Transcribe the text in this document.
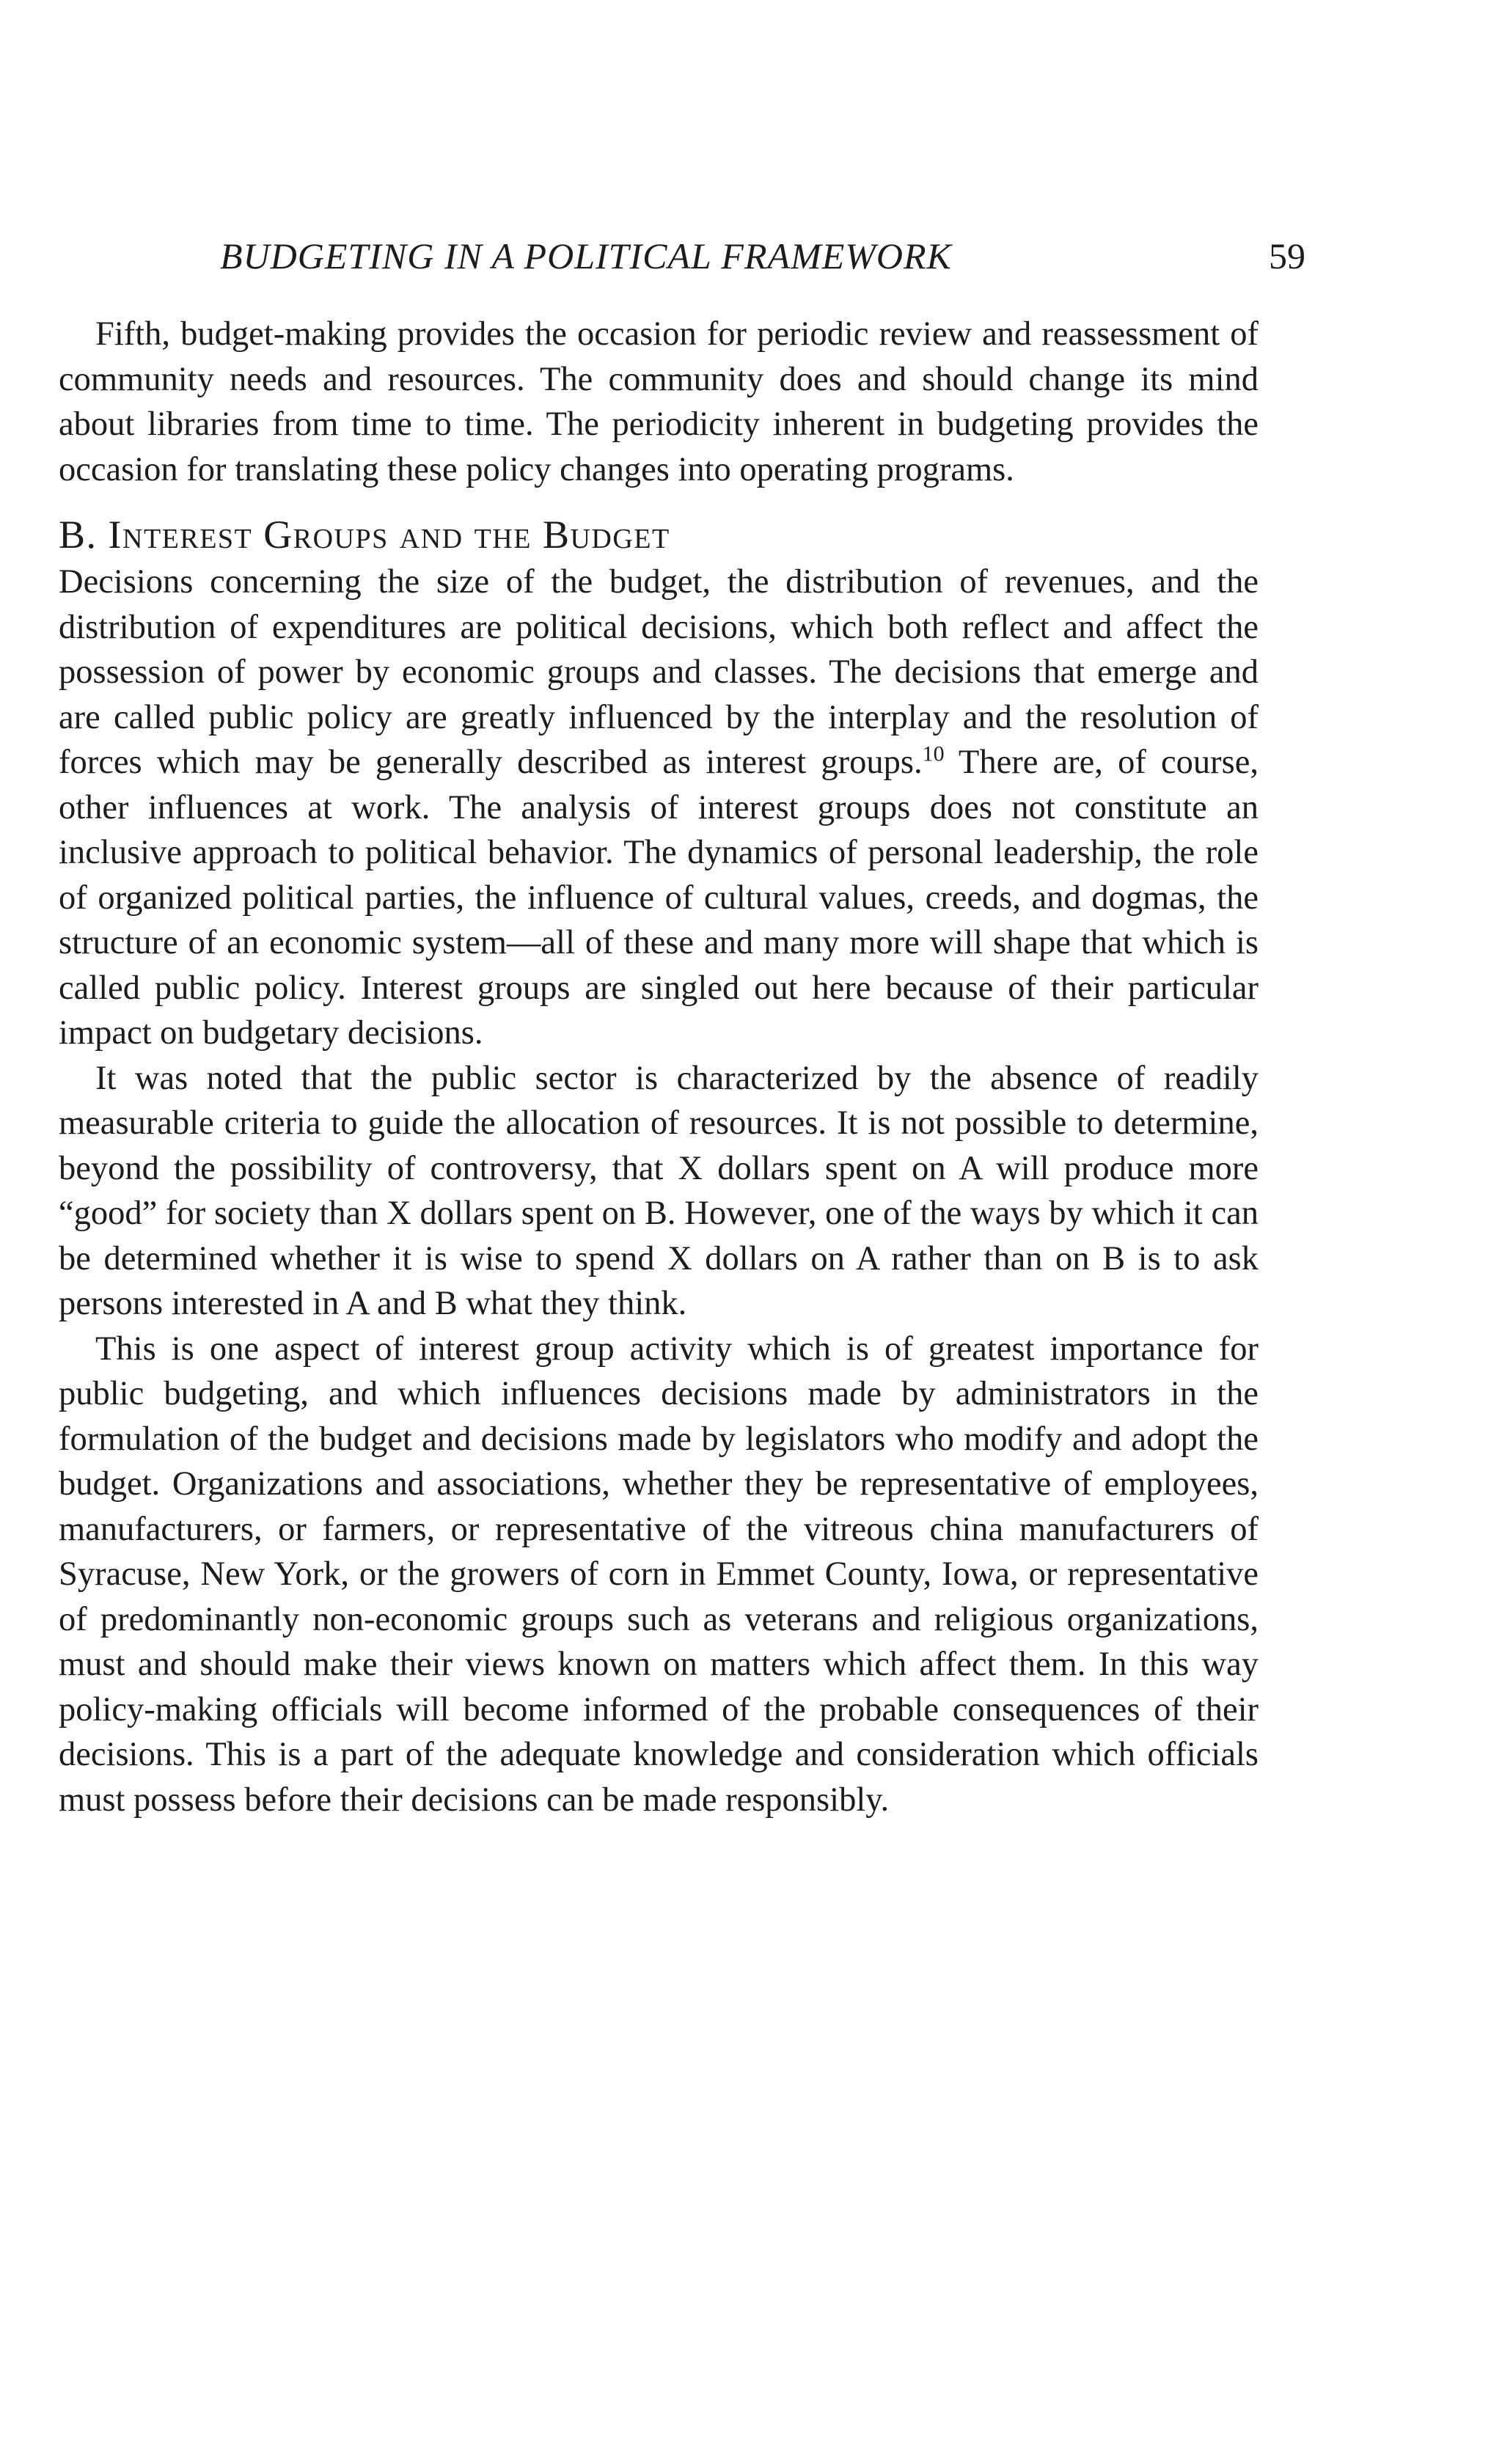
BUDGETING IN A POLITICAL FRAMEWORK	59

Fifth, budget-making provides the occasion for periodic review and reassessment of community needs and resources. The community does and should change its mind about libraries from time to time. The periodicity inherent in budgeting provides the occasion for translating these policy changes into operating programs.

B. Interest Groups and the Budget

Decisions concerning the size of the budget, the distribution of revenues, and the distribution of expenditures are political decisions, which both reflect and affect the possession of power by economic groups and classes. The decisions that emerge and are called public policy are greatly influenced by the interplay and the resolution of forces which may be generally described as interest groups.$^{10}$ There are, of course, other influences at work. The analysis of interest groups does not constitute an inclusive approach to political behavior. The dynamics of personal leadership, the role of organized political parties, the influence of cultural values, creeds, and dogmas, the structure of an economic system—all of these and many more will shape that which is called public policy. Interest groups are singled out here because of their particular impact on budgetary decisions.

It was noted that the public sector is characterized by the absence of readily measurable criteria to guide the allocation of resources. It is not possible to determine, beyond the possibility of controversy, that X dollars spent on A will produce more “good” for society than X dollars spent on B. However, one of the ways by which it can be determined whether it is wise to spend X dollars on A rather than on B is to ask persons interested in A and B what they think.

This is one aspect of interest group activity which is of greatest importance for public budgeting, and which influences decisions made by administrators in the formulation of the budget and decisions made by legislators who modify and adopt the budget. Organizations and associations, whether they be representative of employees, manufacturers, or farmers, or representative of the vitreous china manufacturers of Syracuse, New York, or the growers of corn in Emmet County, Iowa, or representative of predominantly non-economic groups such as veterans and religious organizations, must and should make their views known on matters which affect them. In this way policy-making officials will become informed of the probable consequences of their decisions. This is a part of the adequate knowledge and consideration which officials must possess before their decisions can be made responsibly.
